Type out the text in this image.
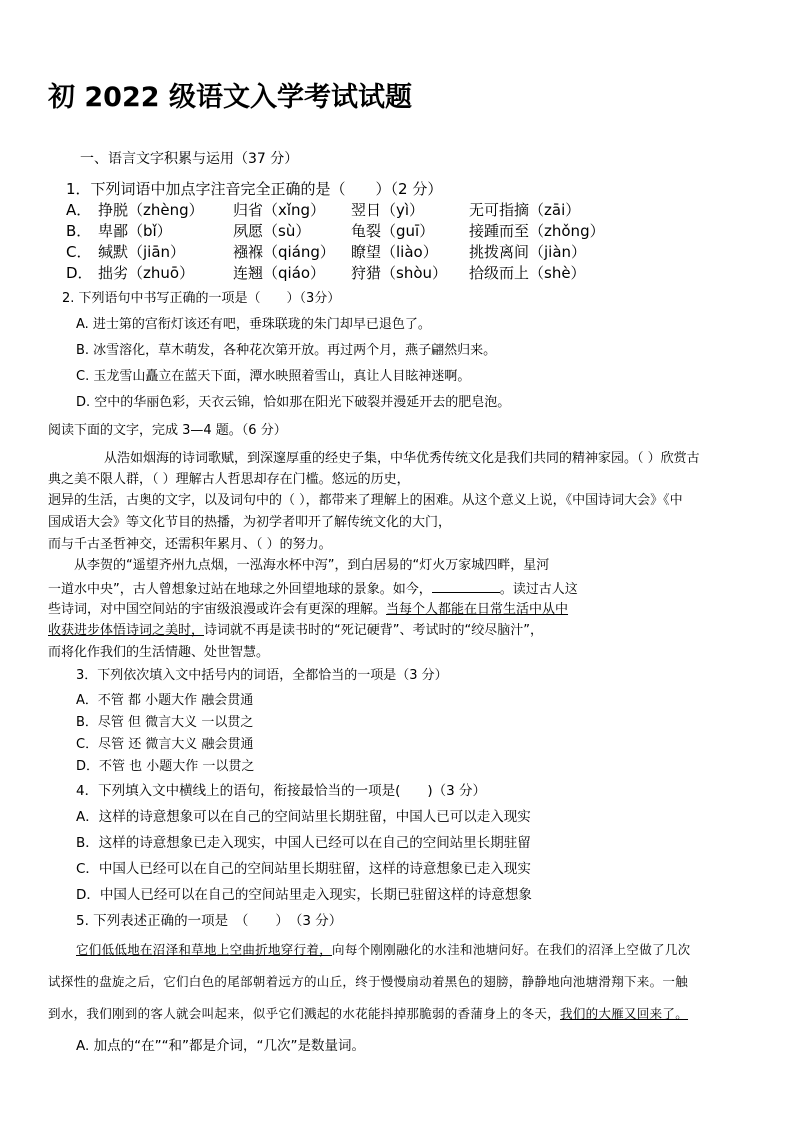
初 2022 级语文入学考试试题
一、语言文字积累与运用（37 分）
1．下列词语中加点字注音完全正确的是（　　）（2 分）
A． 挣脱（zhèng）	归省（xǐng）	翌日（yì）	无可指摘（zāi）
B． 卑鄙（bǐ）	夙愿（sù）	龟裂（guī）	接踵而至（zhǒng）
C． 缄默（jiān）	襁褓（qiáng）	瞭望（liào）	挑拨离间（jiàn）
D． 拙劣（zhuō）	连翘（qiáo）	狩猎（shòu）	拾级而上（shè）
2. 下列语句中书写正确的一项是（　　）（3分）
A. 进士第的宫衔灯该还有吧，垂珠联珑的朱门却早已退色了。
B. 冰雪溶化，草木萌发，各种花次第开放。再过两个月，燕子翩然归来。
C. 玉龙雪山矗立在蓝天下面，潭水映照着雪山，真让人目眩神迷啊。
D. 空中的华丽色彩，天衣云锦，恰如那在阳光下破裂并漫延开去的肥皂泡。
阅读下面的文字，完成 3—4 题。（6 分）
从浩如烟海的诗词歌赋，到深邃厚重的经史子集，中华优秀传统文化是我们共同的精神家园。（ ）欣赏古
典之美不限人群，（ ）理解古人哲思却存在门槛。悠远的历史，
迥异的生活，古奥的文字，以及词句中的（ ），都带来了理解上的困难。从这个意义上说，《中国诗词大会》《中
国成语大会》等文化节目的热播，为初学者叩开了解传统文化的大门，
而与千古圣哲神交，还需积年累月、（ ）的努力。
从李贺的“遥望齐州九点烟，一泓海水杯中泻”，到白居易的“灯火万家城四畔，星河
一道水中央”，古人曾想象过站在地球之外回望地球的景象。如今，	。读过古人这
些诗词，对中国空间站的宇宙级浪漫或许会有更深的理解。当每个人都能在日常生活中从中
收获进步体悟诗词之美时，诗词就不再是读书时的“死记硬背”、考试时的“绞尽脑汁”，
而将化作我们的生活情趣、处世智慧。
3．下列依次填入文中括号内的词语，全都恰当的一项是（3 分）
A．不管 都 小题大作 融会贯通
B．尽管 但 微言大义 一以贯之
C．尽管 还 微言大义 融会贯通
D．不管 也 小题大作 一以贯之
4．下列填入文中横线上的语句，衔接最恰当的一项是(　　)（3 分）
A．这样的诗意想象可以在自己的空间站里长期驻留，中国人已可以走入现实
B．这样的诗意想象已走入现实，中国人已经可以在自己的空间站里长期驻留
C．中国人已经可以在自己的空间站里长期驻留，这样的诗意想象已走入现实
D．中国人已经可以在自己的空间站里走入现实，长期已驻留这样的诗意想象
5. 下列表述正确的一项是　（　　）　（3 分）
它们低低地在沼泽和草地上空曲折地穿行着，向每个刚刚融化的水洼和池塘问好。在我们的沼泽上空做了几次
试探性的盘旋之后，它们白色的尾部朝着远方的山丘，终于慢慢扇动着黑色的翅膀，静静地向池塘滑翔下来。一触
到水，我们刚到的客人就会叫起来，似乎它们溅起的水花能抖掉那脆弱的香蒲身上的冬天，我们的大雁又回来了。
A. 加点的“在”“和”都是介词，“几次”是数量词。
